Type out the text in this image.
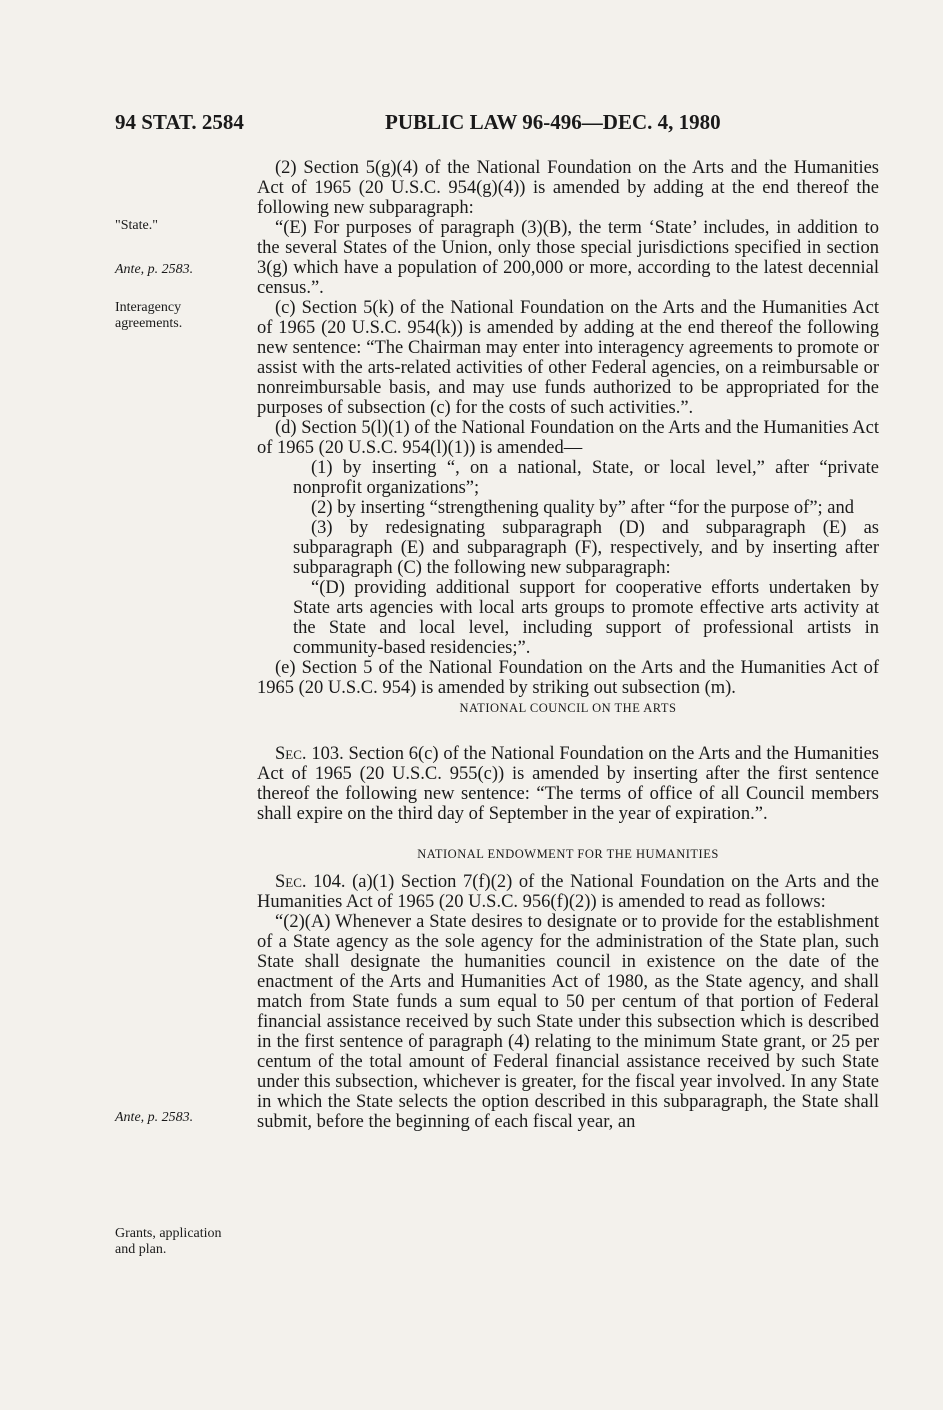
94 STAT. 2584	PUBLIC LAW 96-496—DEC. 4, 1980
"State."
Ante, p. 2583.
Interagency agreements.
Ante, p. 2583.
Grants, application and plan.

(2) Section 5(g)(4) of the National Foundation on the Arts and the Humanities Act of 1965 (20 U.S.C. 954(g)(4)) is amended by adding at the end thereof the following new subparagraph:

“(E) For purposes of paragraph (3)(B), the term ‘State’ includes, in addition to the several States of the Union, only those special jurisdictions specified in section 3(g) which have a population of 200,000 or more, according to the latest decennial census.”.

(c) Section 5(k) of the National Foundation on the Arts and the Humanities Act of 1965 (20 U.S.C. 954(k)) is amended by adding at the end thereof the following new sentence: “The Chairman may enter into interagency agreements to promote or assist with the arts-related activities of other Federal agencies, on a reimbursable or nonreimbursable basis, and may use funds authorized to be appropriated for the purposes of subsection (c) for the costs of such activities.”.

(d) Section 5(l)(1) of the National Foundation on the Arts and the Humanities Act of 1965 (20 U.S.C. 954(l)(1)) is amended—

(1) by inserting “, on a national, State, or local level,” after “private nonprofit organizations”;

(2) by inserting “strengthening quality by” after “for the purpose of”; and

(3) by redesignating subparagraph (D) and subparagraph (E) as subparagraph (E) and subparagraph (F), respectively, and by inserting after subparagraph (C) the following new subparagraph:

“(D) providing additional support for cooperative efforts undertaken by State arts agencies with local arts groups to promote effective arts activity at the State and local level, including support of professional artists in community-based residencies;”.

(e) Section 5 of the National Foundation on the Arts and the Humanities Act of 1965 (20 U.S.C. 954) is amended by striking out subsection (m).

NATIONAL COUNCIL ON THE ARTS

Sec. 103. Section 6(c) of the National Foundation on the Arts and the Humanities Act of 1965 (20 U.S.C. 955(c)) is amended by inserting after the first sentence thereof the following new sentence: “The terms of office of all Council members shall expire on the third day of September in the year of expiration.”.

NATIONAL ENDOWMENT FOR THE HUMANITIES

Sec. 104. (a)(1) Section 7(f)(2) of the National Foundation on the Arts and the Humanities Act of 1965 (20 U.S.C. 956(f)(2)) is amended to read as follows:

“(2)(A) Whenever a State desires to designate or to provide for the establishment of a State agency as the sole agency for the administration of the State plan, such State shall designate the humanities council in existence on the date of the enactment of the Arts and Humanities Act of 1980, as the State agency, and shall match from State funds a sum equal to 50 per centum of that portion of Federal financial assistance received by such State under this subsection which is described in the first sentence of paragraph (4) relating to the minimum State grant, or 25 per centum of the total amount of Federal financial assistance received by such State under this subsection, whichever is greater, for the fiscal year involved. In any State in which the State selects the option described in this subparagraph, the State shall submit, before the beginning of each fiscal year, an
